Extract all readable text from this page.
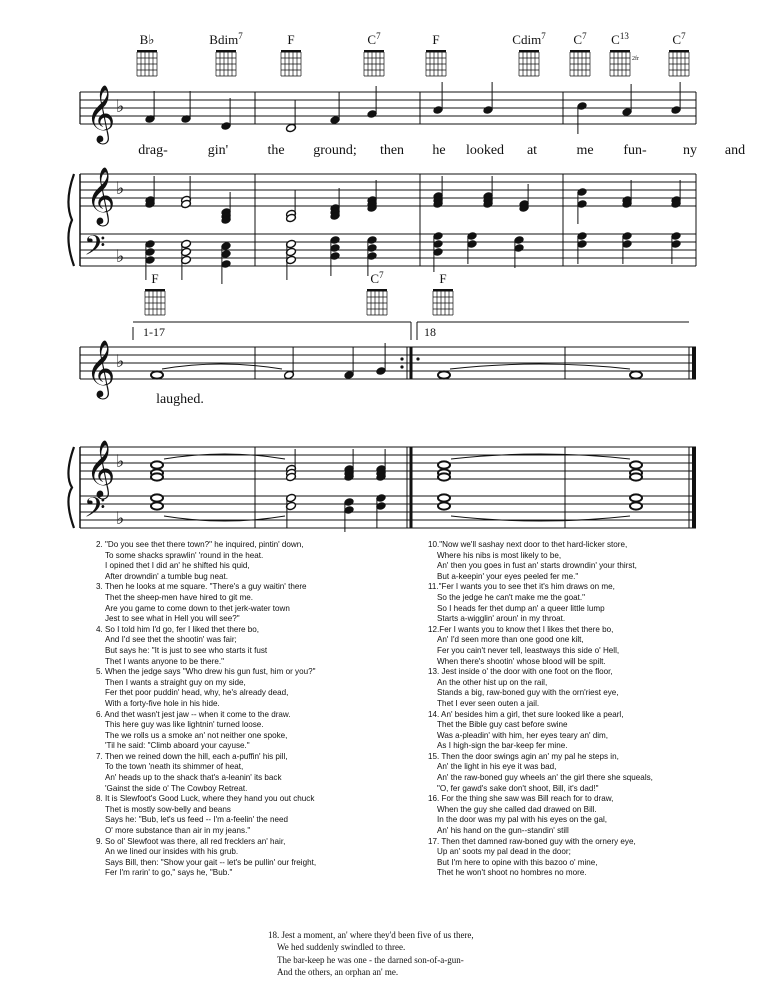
B♭	Bdim$^7$	F	$C^7$	F	Cdim$^7$ $C^7$ $C^{13}$
2fr
$C^7$
drag-	gin'	the ground; then he looked at	me fun-	ny and
𝄞
𝄞
𝄢
♭
♭
♭
F	$C^7$	F
laughed.
𝄞
𝄞
𝄢
♭
♭
♭
1-17	18

2. "Do you see thet there town?" he inquired, pintin' down,

To some shacks sprawlin' 'round in the heat.

I opined thet I did an' he shifted his quid,

After drowndin' a tumble bug neat.

3. Then he looks at me square. "There's a guy waitin' there

Thet the sheep-men have hired to git me.

Are you game to come down to thet jerk-water town

Jest to see what in Hell you will see?"

4. So I told him I'd go, fer I liked thet there bo,

And I'd see thet the shootin' was fair;

But says he: "It is just to see who starts it fust

Thet I wants anyone to be there."

5. When the jedge says "Who drew his gun fust, him or you?"

Then I wants a straight guy on my side,

Fer thet poor puddin' head, why, he's already dead,

With a forty-five hole in his hide.

6. And thet wasn't jest jaw -- when it come to the draw.

This here guy was like lightnin' turned loose.

The we rolls us a smoke an' not neither one spoke,

'Til he said: "Climb aboard your cayuse."

7. Then we reined down the hill, each a-puffin' his pill,

To the town 'neath its shimmer of heat,

An' heads up to the shack that's a-leanin' its back

'Gainst the side o' The Cowboy Retreat.

8. It is Slewfoot's Good Luck, where they hand you out chuck

Thet is mostly sow-belly and beans

Says he: "Bub, let's us feed -- I'm a-feelin' the need

O' more substance than air in my jeans."

9. So ol' Slewfoot was there, all red frecklers an' hair,

An we lined our insides with his grub.

Says Bill, then: "Show your gait -- let's be pullin' our freight,

Fer I'm rarin' to go," says he, "Bub."

10."Now we'll sashay next door to thet hard-licker store,

Where his nibs is most likely to be,

An' then you goes in fust an' starts drowndin' your thirst,

But a-keepin' your eyes peeled fer me."

11."Fer I wants you to see thet it's him draws on me,

So the jedge he can't make me the goat."

So I heads fer thet dump an' a queer little lump

Starts a-wigglin' aroun' in my throat.

12.Fer I wants you to know thet I likes thet there bo,

An' I'd seen more than one good one kilt,

Fer you cain't never tell, leastways this side o' Hell,

When there's shootin' whose blood will be spilt.

13. Jest inside o' the door with one foot on the floor,

An the other hist up on the rail,

Stands a big, raw-boned guy with the orn'riest eye,

Thet I ever seen outen a jail.

14. An' besides him a girl, thet sure looked like a pearl,

Thet the Bible guy cast before swine

Was a-pleadin' with him, her eyes teary an' dim,

As I high-sign the bar-keep fer mine.

15. Then the door swings agin an' my pal he steps in,

An' the light in his eye it was bad,

An' the raw-boned guy wheels an' the girl there she squeals,

"O, fer gawd's sake don't shoot, Bill, it's dad!"

16. For the thing she saw was Bill reach for to draw,

When the guy she called dad drawed on Bill.

In the door was my pal with his eyes on the gal,

An' his hand on the gun--standin' still

17. Then thet damned raw-boned guy with the ornery eye,

Up an' soots my pal dead in the door;

But I'm here to opine with this bazoo o' mine,

Thet he won't shoot no hombres no more.

18. Jest a moment, an' where they'd been five of us there,

We hed suddenly swindled to three.

The bar-keep he was one - the darned son-of-a-gun-

And the others, an orphan an' me.
